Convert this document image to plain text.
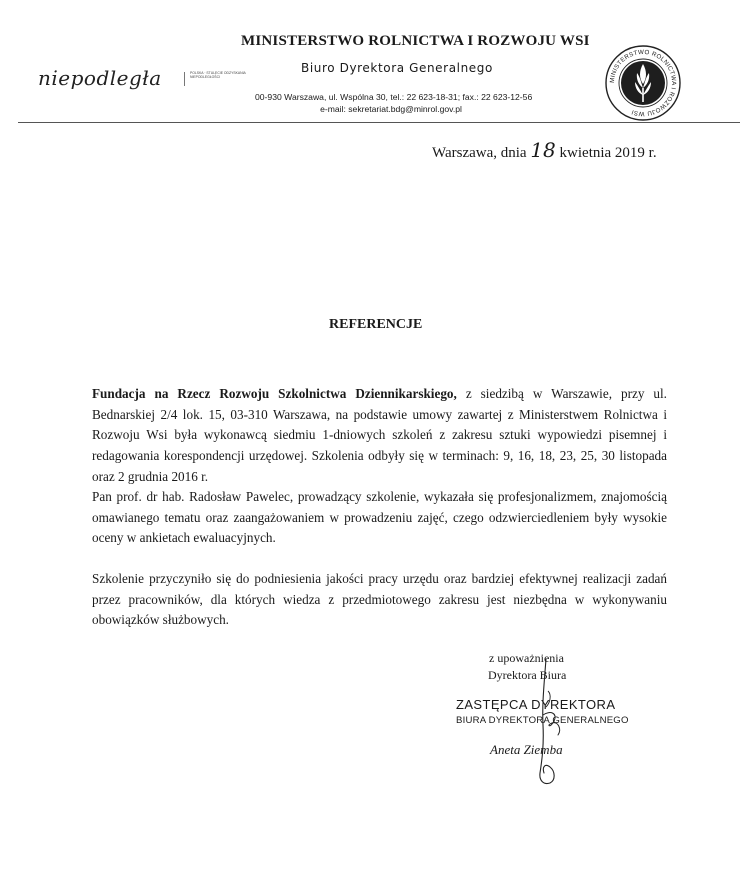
niepodległa	POLSKA · STULECIE ODZYSKANIA NIEPODLEGŁOŚCI
MINISTERSTWO ROLNICTWA I ROZWOJU WSI
Biuro Dyrektora Generalnego
00-930 Warszawa, ul. Wspólna 30, tel.: 22 623-18-31; fax.: 22 623-12-56
e-mail: sekretariat.bdg@minrol.gov.pl
MINISTERSTWO ROLNICTWA I ROZWOJU WSI
Warszawa, dnia 18 kwietnia 2019 r.
REFERENCJE
Fundacja na Rzecz Rozwoju Szkolnictwa Dziennikarskiego, z siedzibą w Warszawie, przy ul. Bednarskiej 2/4 lok. 15, 03-310 Warszawa, na podstawie umowy zawartej z Ministerstwem Rolnictwa i Rozwoju Wsi była wykonawcą siedmiu 1-dniowych szkoleń z zakresu sztuki wypowiedzi pisemnej i redagowania korespondencji urzędowej. Szkolenia odbyły się w terminach: 9, 16, 18, 23, 25, 30 listopada oraz 2 grudnia 2016 r.
Pan prof. dr hab. Radosław Pawelec, prowadzący szkolenie, wykazała się profesjonalizmem, znajomością omawianego tematu oraz zaangażowaniem w prowadzeniu zajęć, czego odzwierciedleniem były wysokie oceny w ankietach ewaluacyjnych.
Szkolenie przyczyniło się do podniesienia jakości pracy urzędu oraz bardziej efektywnej realizacji zadań przez pracowników, dla których wiedza z przedmiotowego zakresu jest niezbędna w wykonywaniu obowiązków służbowych.
z upoważnienia
Dyrektora Biura
ZASTĘPCA DYREKTORA
BIURA DYREKTORA GENERALNEGO
Aneta Ziemba
